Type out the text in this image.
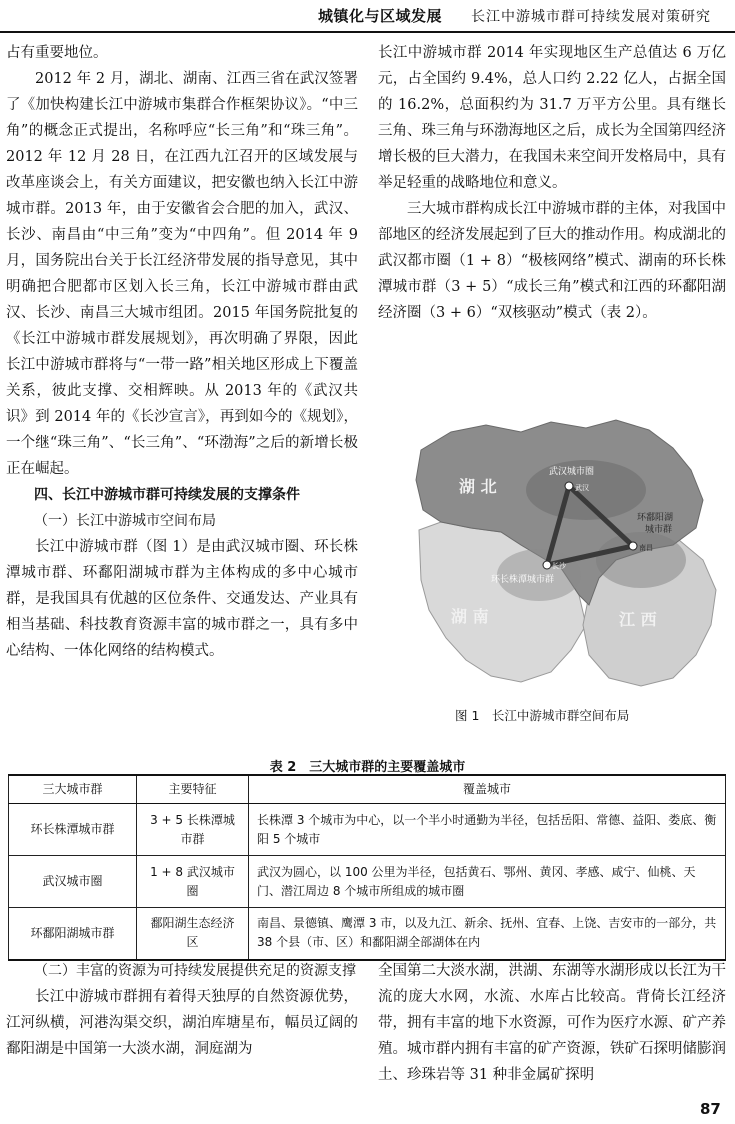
城镇化与区域发展 长江中游城市群可持续发展对策研究

占有重要地位。

2012 年 2 月，湖北、湖南、江西三省在武汉签署了《加快构建长江中游城市集群合作框架协议》。“中三角”的概念正式提出，名称呼应“长三角”和“珠三角”。2012 年 12 月 28 日，在江西九江召开的区域发展与改革座谈会上，有关方面建议，把安徽也纳入长江中游城市群。2013 年，由于安徽省会合肥的加入，武汉、长沙、南昌由“中三角”变为“中四角”。但 2014 年 9 月，国务院出台关于长江经济带发展的指导意见，其中明确把合肥都市区划入长三角，长江中游城市群由武汉、长沙、南昌三大城市组团。2015 年国务院批复的《长江中游城市群发展规划》，再次明确了界限，因此长江中游城市群将与“一带一路”相关地区形成上下覆盖关系，彼此支撑、交相辉映。从 2013 年的《武汉共识》到 2014 年的《长沙宣言》，再到如今的《规划》，一个继“珠三角”、“长三角”、“环渤海”之后的新增长极正在崛起。

四、长江中游城市群可持续发展的支撑条件

（一）长江中游城市空间布局

长江中游城市群（图 1）是由武汉城市圈、环长株潭城市群、环鄱阳湖城市群为主体构成的多中心城市群，是我国具有优越的区位条件、交通发达、产业具有相当基础、科技教育资源丰富的城市群之一，具有多中心结构、一体化网络的结构模式。

长江中游城市群 2014 年实现地区生产总值达 6 万亿元，占全国约 9.4%，总人口约 2.22 亿人，占据全国的 16.2%，总面积约为 31.7 万平方公里。具有继长三角、珠三角与环渤海地区之后，成长为全国第四经济增长极的巨大潜力，在我国未来空间开发格局中，具有举足轻重的战略地位和意义。

三大城市群构成长江中游城市群的主体，对我国中部地区的经济发展起到了巨大的推动作用。构成湖北的武汉都市圈（1 + 8）“极核网络”模式、湖南的环长株潭城市群（3 + 5）“成长三角”模式和江西的环鄱阳湖经济圈（3 + 6）“双核驱动”模式（表 2）。

湖 北
湖 南	江 西
武汉城市圈
武汉
环鄱阳湖
城市群
南昌
环长株潭城市群
长沙
图 1　长江中游城市群空间布局
表 2　三大城市群的主要覆盖城市
三大城市群	主要特征	覆盖城市
环长株潭城市群	3 + 5 长株潭城市群	长株潭 3 个城市为中心，以一个半小时通勤为半径，包括岳阳、常德、益阳、娄底、衡阳 5 个城市
武汉城市圈	1 + 8 武汉城市圈	武汉为圆心，以 100 公里为半径，包括黄石、鄂州、黄冈、孝感、咸宁、仙桃、天门、潜江周边 8 个城市所组成的城市圈
环鄱阳湖城市群	鄱阳湖生态经济区	南昌、景德镇、鹰潭 3 市，以及九江、新余、抚州、宜春、上饶、吉安市的一部分，共 38 个县（市、区）和鄱阳湖全部湖体在内

（二）丰富的资源为可持续发展提供充足的资源支撑

长江中游城市群拥有着得天独厚的自然资源优势，江河纵横，河港沟渠交织，湖泊库塘星布，幅员辽阔的鄱阳湖是中国第一大淡水湖，洞庭湖为

全国第二大淡水湖，洪湖、东湖等水湖形成以长江为干流的庞大水网，水流、水库占比较高。背倚长江经济带，拥有丰富的地下水资源，可作为医疗水源、矿产养殖。城市群内拥有丰富的矿产资源，铁矿石探明储膨润土、珍珠岩等 31 种非金属矿探明

87
